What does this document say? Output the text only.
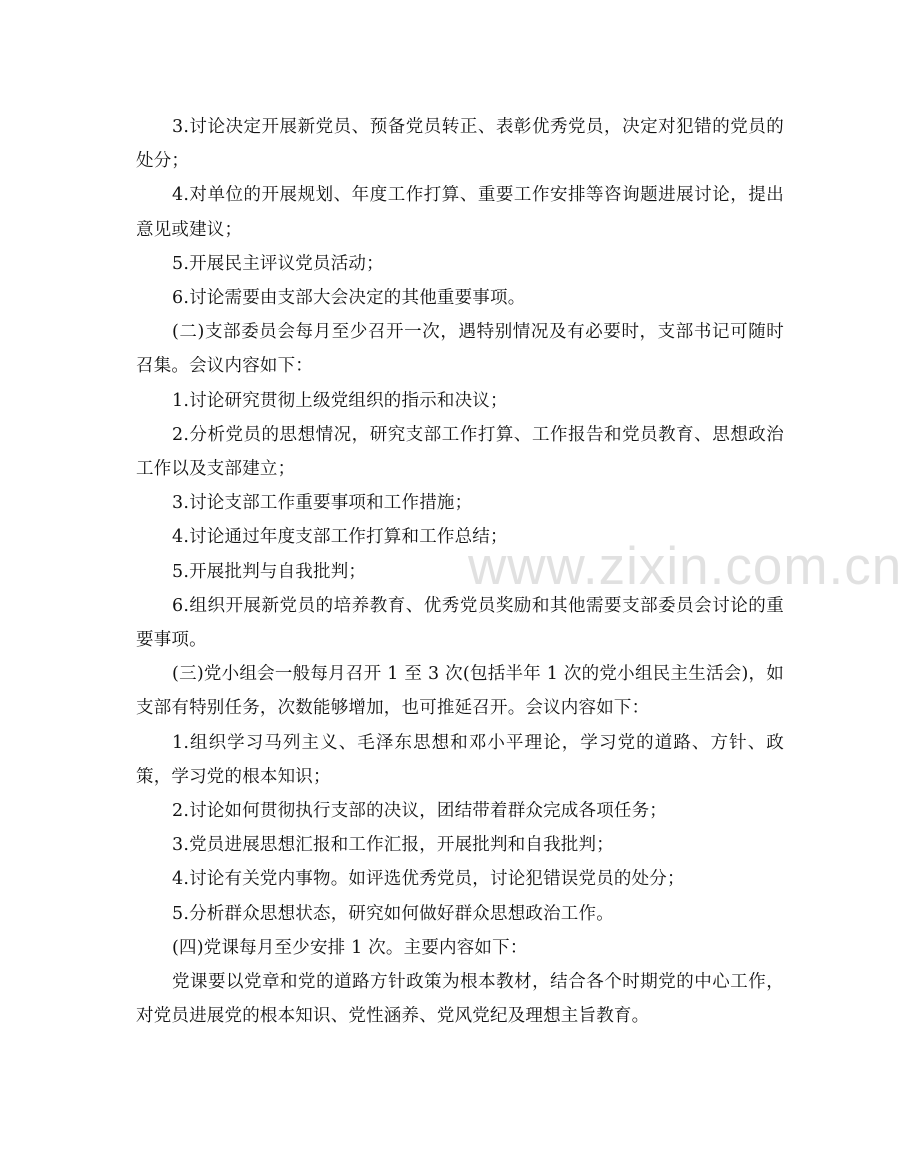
3.讨论决定开展新党员、预备党员转正、表彰优秀党员，决定对犯错的党员的处分；

4.对单位的开展规划、年度工作打算、重要工作安排等咨询题进展讨论，提出意见或建议；

5.开展民主评议党员活动；

6.讨论需要由支部大会决定的其他重要事项。

(二)支部委员会每月至少召开一次，遇特别情况及有必要时，支部书记可随时召集。会议内容如下：

1.讨论研究贯彻上级党组织的指示和决议；

2.分析党员的思想情况，研究支部工作打算、工作报告和党员教育、思想政治工作以及支部建立；

3.讨论支部工作重要事项和工作措施；

4.讨论通过年度支部工作打算和工作总结；

5.开展批判与自我批判；

6.组织开展新党员的培养教育、优秀党员奖励和其他需要支部委员会讨论的重要事项。

(三)党小组会一般每月召开 1 至 3 次(包括半年 1 次的党小组民主生活会)，如支部有特别任务，次数能够增加，也可推延召开。会议内容如下：

1.组织学习马列主义、毛泽东思想和邓小平理论，学习党的道路、方针、政策，学习党的根本知识；

2.讨论如何贯彻执行支部的决议，团结带着群众完成各项任务；

3.党员进展思想汇报和工作汇报，开展批判和自我批判；

4.讨论有关党内事物。如评选优秀党员，讨论犯错误党员的处分；

5.分析群众思想状态，研究如何做好群众思想政治工作。

(四)党课每月至少安排 1 次。主要内容如下：

党课要以党章和党的道路方针政策为根本教材，结合各个时期党的中心工作，对党员进展党的根本知识、党性涵养、党风党纪及理想主旨教育。

www.zixin.com.cn
